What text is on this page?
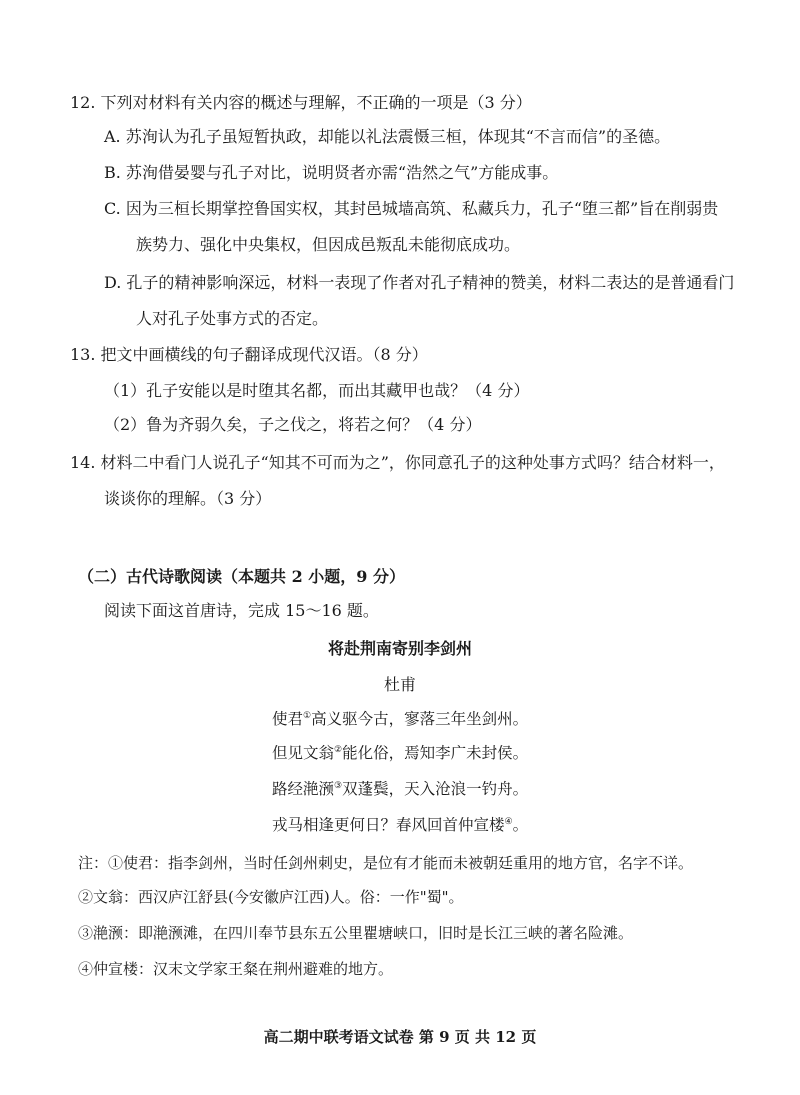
12. 下列对材料有关内容的概述与理解，不正确的一项是（3 分）
A. 苏洵认为孔子虽短暂执政，却能以礼法震慑三桓，体现其“不言而信”的圣德。
B. 苏洵借晏婴与孔子对比，说明贤者亦需“浩然之气”方能成事。
C. 因为三桓长期掌控鲁国实权，其封邑城墙高筑、私藏兵力，孔子“堕三都”旨在削弱贵
族势力、强化中央集权，但因成邑叛乱未能彻底成功。
D. 孔子的精神影响深远，材料一表现了作者对孔子精神的赞美，材料二表达的是普通看门
人对孔子处事方式的否定。
13. 把文中画横线的句子翻译成现代汉语。（8 分）
（1）孔子安能以是时堕其名都，而出其藏甲也哉？（4 分）
（2）鲁为齐弱久矣，子之伐之，将若之何？（4 分）
14. 材料二中看门人说孔子“知其不可而为之”，你同意孔子的这种处事方式吗？结合材料一，
谈谈你的理解。（3 分）
（二）古代诗歌阅读（本题共 2 小题，9 分）
阅读下面这首唐诗，完成 15～16 题。
将赴荆南寄别李剑州
杜甫
使君①高义驱今古，寥落三年坐剑州。
但见文翁②能化俗，焉知李广未封侯。
路经滟滪③双蓬鬓，天入沧浪一钓舟。
戎马相逢更何日？春风回首仲宣楼④。
注：①使君：指李剑州，当时任剑州刺史，是位有才能而未被朝廷重用的地方官，名字不详。
②文翁：西汉庐江舒县(今安徽庐江西)人。俗：一作"蜀"。
③滟滪：即滟滪滩，在四川奉节县东五公里瞿塘峡口，旧时是长江三峡的著名险滩。
④仲宣楼：汉末文学家王粲在荆州避难的地方。
高二期中联考语文试卷 第 9 页 共 12 页
